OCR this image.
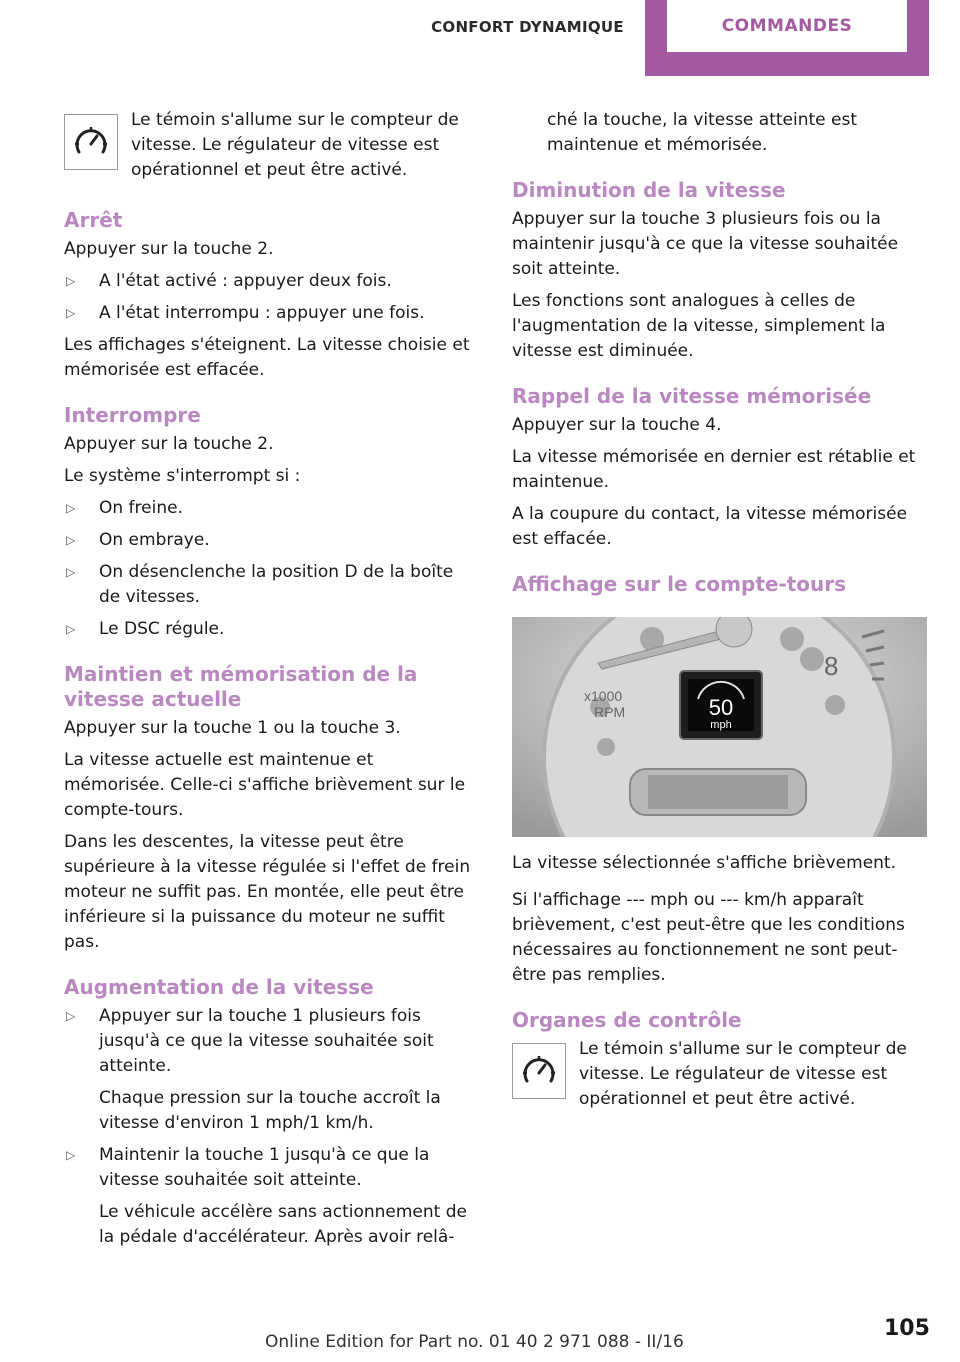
CONFORT DYNAMIQUE	COMMANDES

Le témoin s'allume sur le compteur de vitesse. Le régulateur de vitesse est opérationnel et peut être activé.

Arrêt

Appuyer sur la touche 2.

▷ A l'état activé : appuyer deux fois.
▷ A l'état interrompu : appuyer une fois.

Les affichages s'éteignent. La vitesse choisie et mémorisée est effacée.

Interrompre

Appuyer sur la touche 2.

Le système s'interrompt si :

▷ On freine.
▷ On embraye.
▷ On désenclenche la position D de la boîte de vitesses.
▷ Le DSC régule.
Maintien et mémorisation de la vitesse actuelle

Appuyer sur la touche 1 ou la touche 3.

La vitesse actuelle est maintenue et mémorisée. Celle-ci s'affiche brièvement sur le compte-tours.

Dans les descentes, la vitesse peut être supérieure à la vitesse régulée si l'effet de frein moteur ne suffit pas. En montée, elle peut être inférieure si la puissance du moteur ne suffit pas.

Augmentation de la vitesse
▷ Appuyer sur la touche 1 plusieurs fois jusqu'à ce que la vitesse souhaitée soit atteinte.

Chaque pression sur la touche accroît la vitesse d'environ 1 mph/1 km/h.

▷ Maintenir la touche 1 jusqu'à ce que la vitesse souhaitée soit atteinte.

Le véhicule accélère sans actionnement de la pédale d'accélérateur. Après avoir relâ-

ché la touche, la vitesse atteinte est maintenue et mémorisée.

Diminution de la vitesse

Appuyer sur la touche 3 plusieurs fois ou la maintenir jusqu'à ce que la vitesse souhaitée soit atteinte.

Les fonctions sont analogues à celles de l'augmentation de la vitesse, simplement la vitesse est diminuée.

Rappel de la vitesse mémorisée

Appuyer sur la touche 4.

La vitesse mémorisée en dernier est rétablie et maintenue.

A la coupure du contact, la vitesse mémorisée est effacée.

Affichage sur le compte-tours
8
x1000
RPM	50
mph

La vitesse sélectionnée s'affiche brièvement.

Si l'affichage --- mph ou --- km/h apparaît brièvement, c'est peut-être que les conditions nécessaires au fonctionnement ne sont peut-être pas remplies.

Organes de contrôle

Le témoin s'allume sur le compteur de vitesse. Le régulateur de vitesse est opérationnel et peut être activé.

Online Edition for Part no. 01 40 2 971 088 - II/16
105
